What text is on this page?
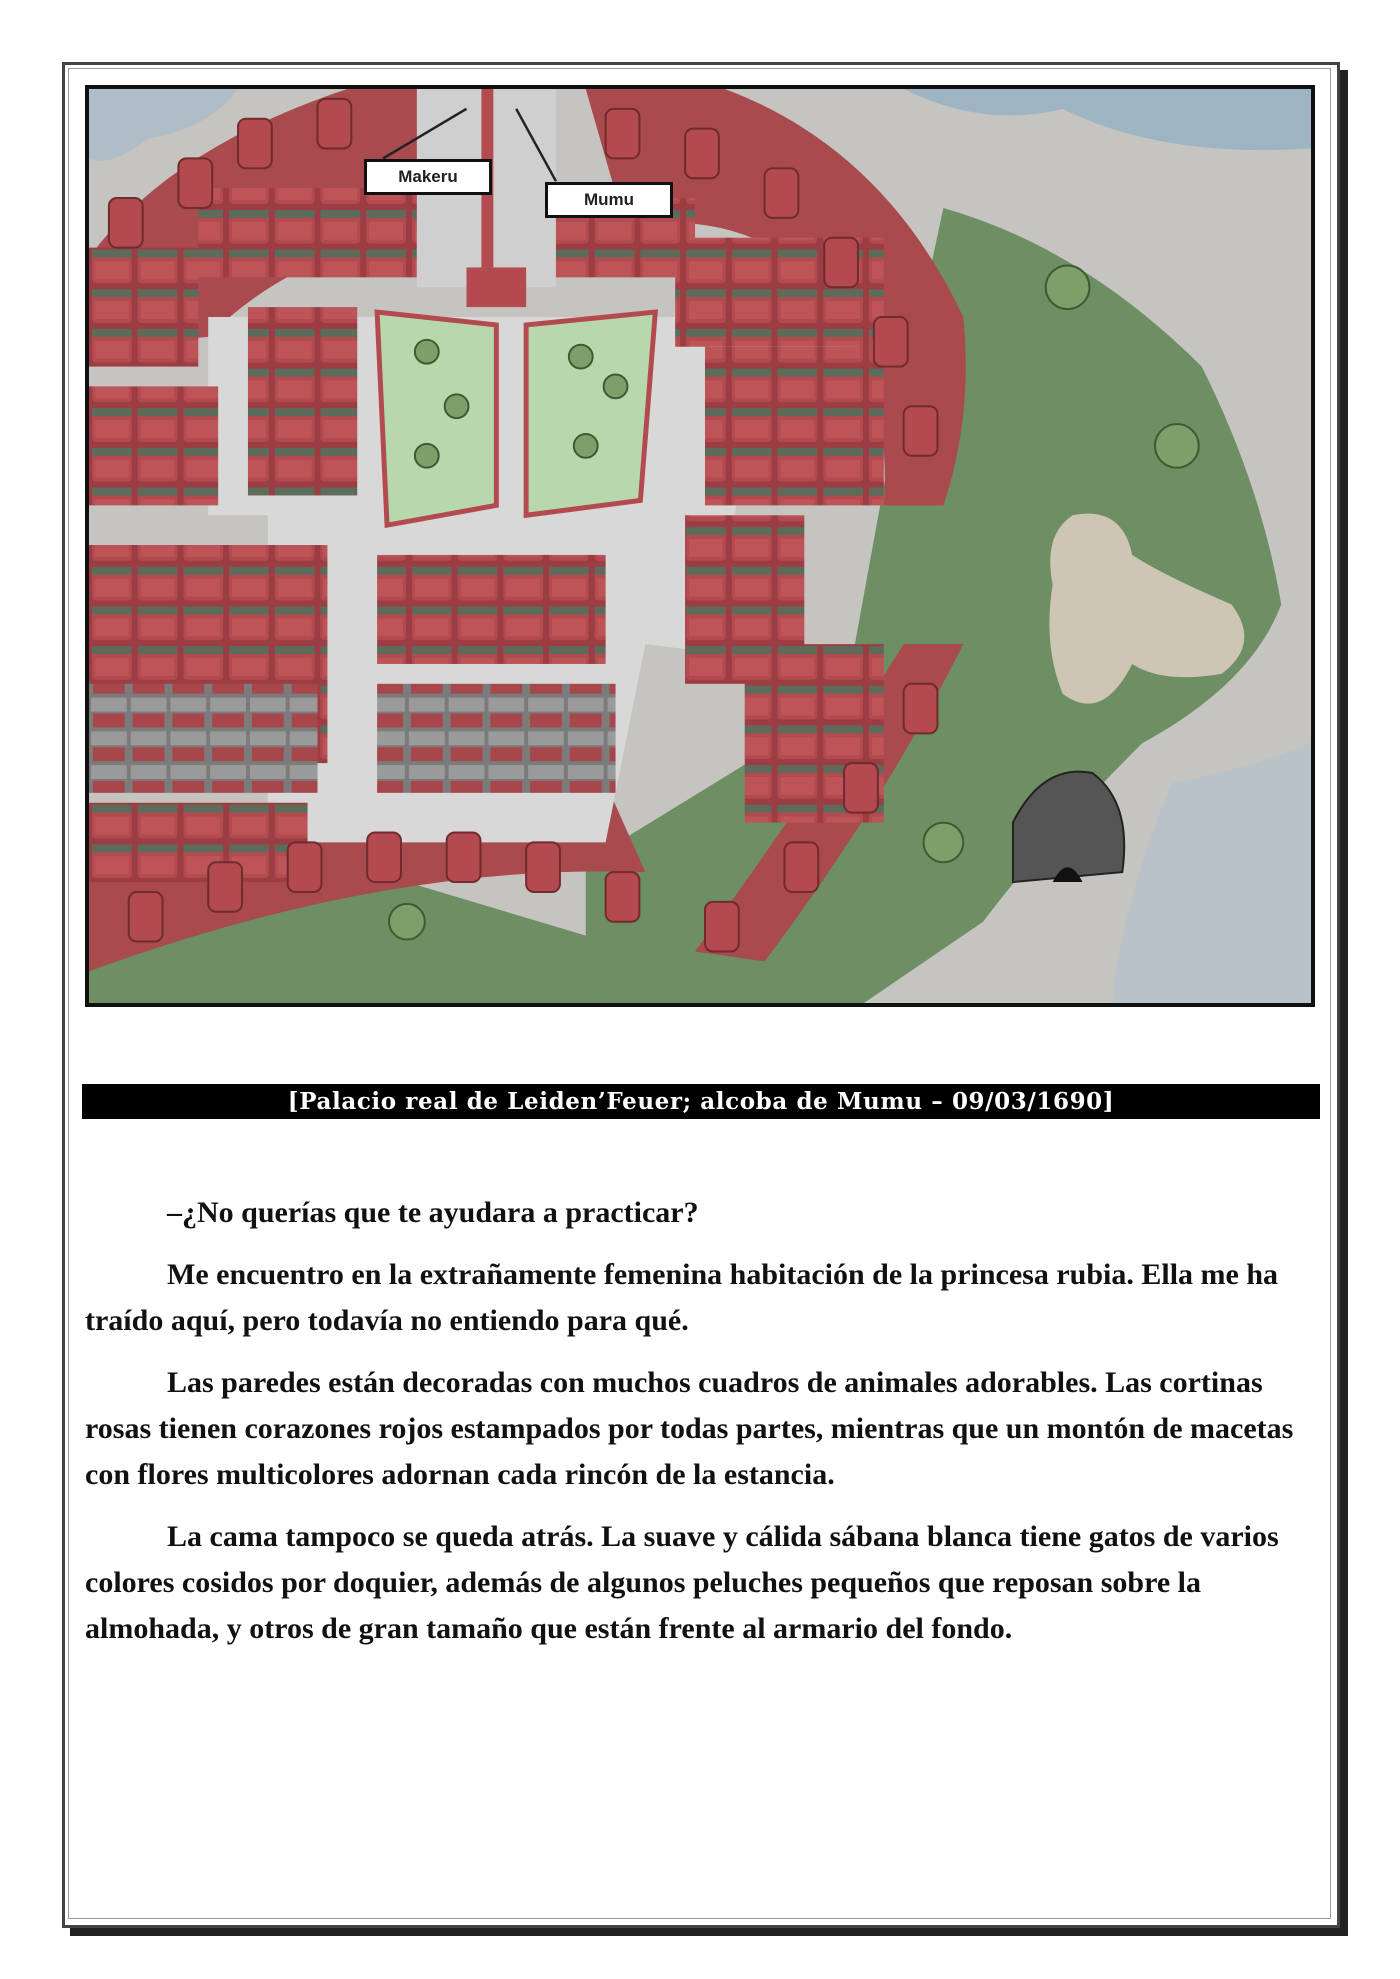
Makeru
Mumu
[Palacio real de Leiden’Feuer; alcoba de Mumu – 09/03/1690]

–¿No querías que te ayudara a practicar?

Me encuentro en la extrañamente femenina habitación de la princesa rubia. Ella me ha traído aquí, pero todavía no entiendo para qué.

Las paredes están decoradas con muchos cuadros de animales adorables. Las cortinas rosas tienen corazones rojos estampados por todas partes, mientras que un montón de macetas con flores multicolores adornan cada rincón de la estancia.

La cama tampoco se queda atrás. La suave y cálida sábana blanca tiene gatos de varios colores cosidos por doquier, además de algunos peluches pequeños que reposan sobre la almohada, y otros de gran tamaño que están frente al armario del fondo.
